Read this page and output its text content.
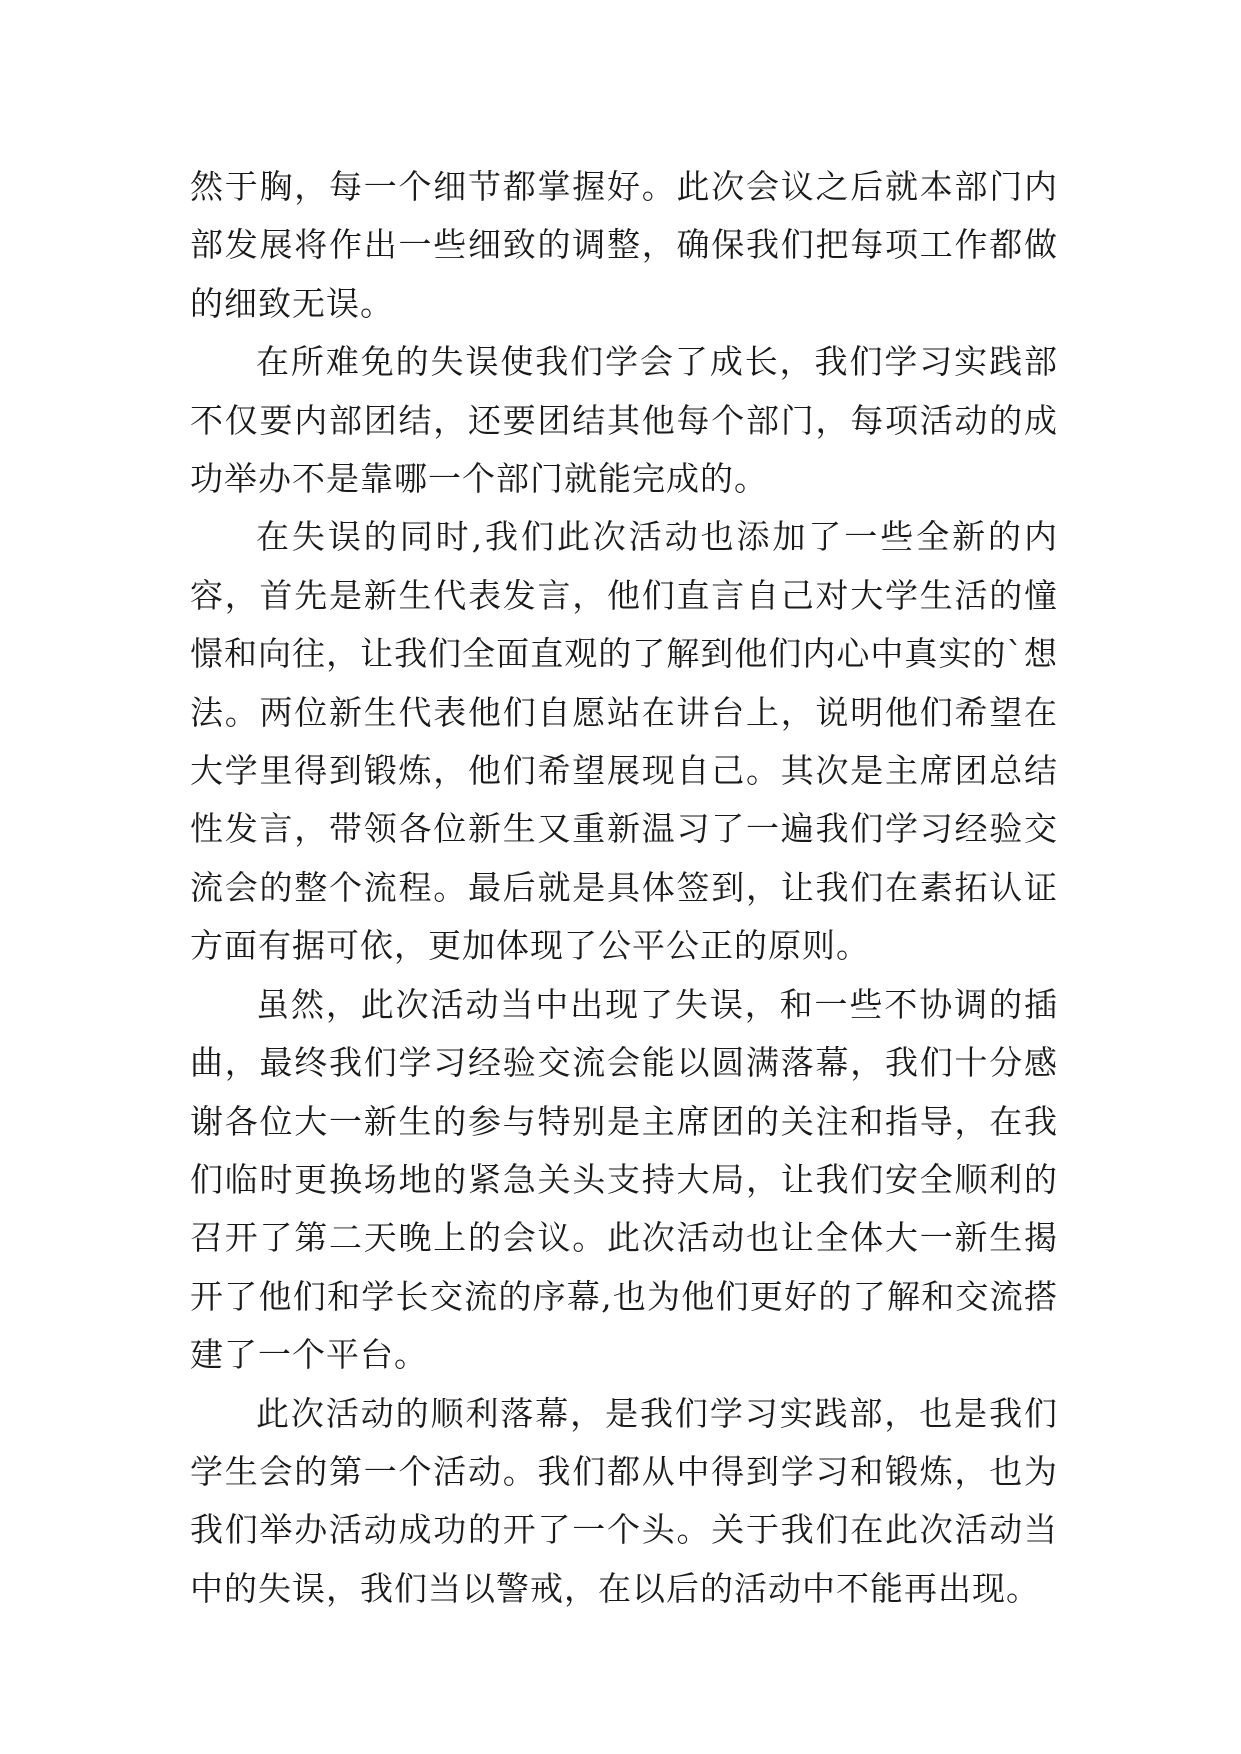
然于胸，每一个细节都掌握好。此次会议之后就本部门内部发展将作出一些细致的调整，确保我们把每项工作都做的细致无误。

在所难免的失误使我们学会了成长，我们学习实践部不仅要内部团结，还要团结其他每个部门，每项活动的成功举办不是靠哪一个部门就能完成的。

在失误的同时,我们此次活动也添加了一些全新的内容，首先是新生代表发言，他们直言自己对大学生活的憧憬和向往，让我们全面直观的了解到他们内心中真实的`想法。两位新生代表他们自愿站在讲台上，说明他们希望在大学里得到锻炼，他们希望展现自己。其次是主席团总结性发言，带领各位新生又重新温习了一遍我们学习经验交流会的整个流程。最后就是具体签到，让我们在素拓认证方面有据可依，更加体现了公平公正的原则。

虽然，此次活动当中出现了失误，和一些不协调的插曲，最终我们学习经验交流会能以圆满落幕，我们十分感谢各位大一新生的参与特别是主席团的关注和指导，在我们临时更换场地的紧急关头支持大局，让我们安全顺利的召开了第二天晚上的会议。此次活动也让全体大一新生揭开了他们和学长交流的序幕,也为他们更好的了解和交流搭建了一个平台。

此次活动的顺利落幕，是我们学习实践部，也是我们学生会的第一个活动。我们都从中得到学习和锻炼，也为我们举办活动成功的开了一个头。关于我们在此次活动当中的失误，我们当以警戒，在以后的活动中不能再出现。
